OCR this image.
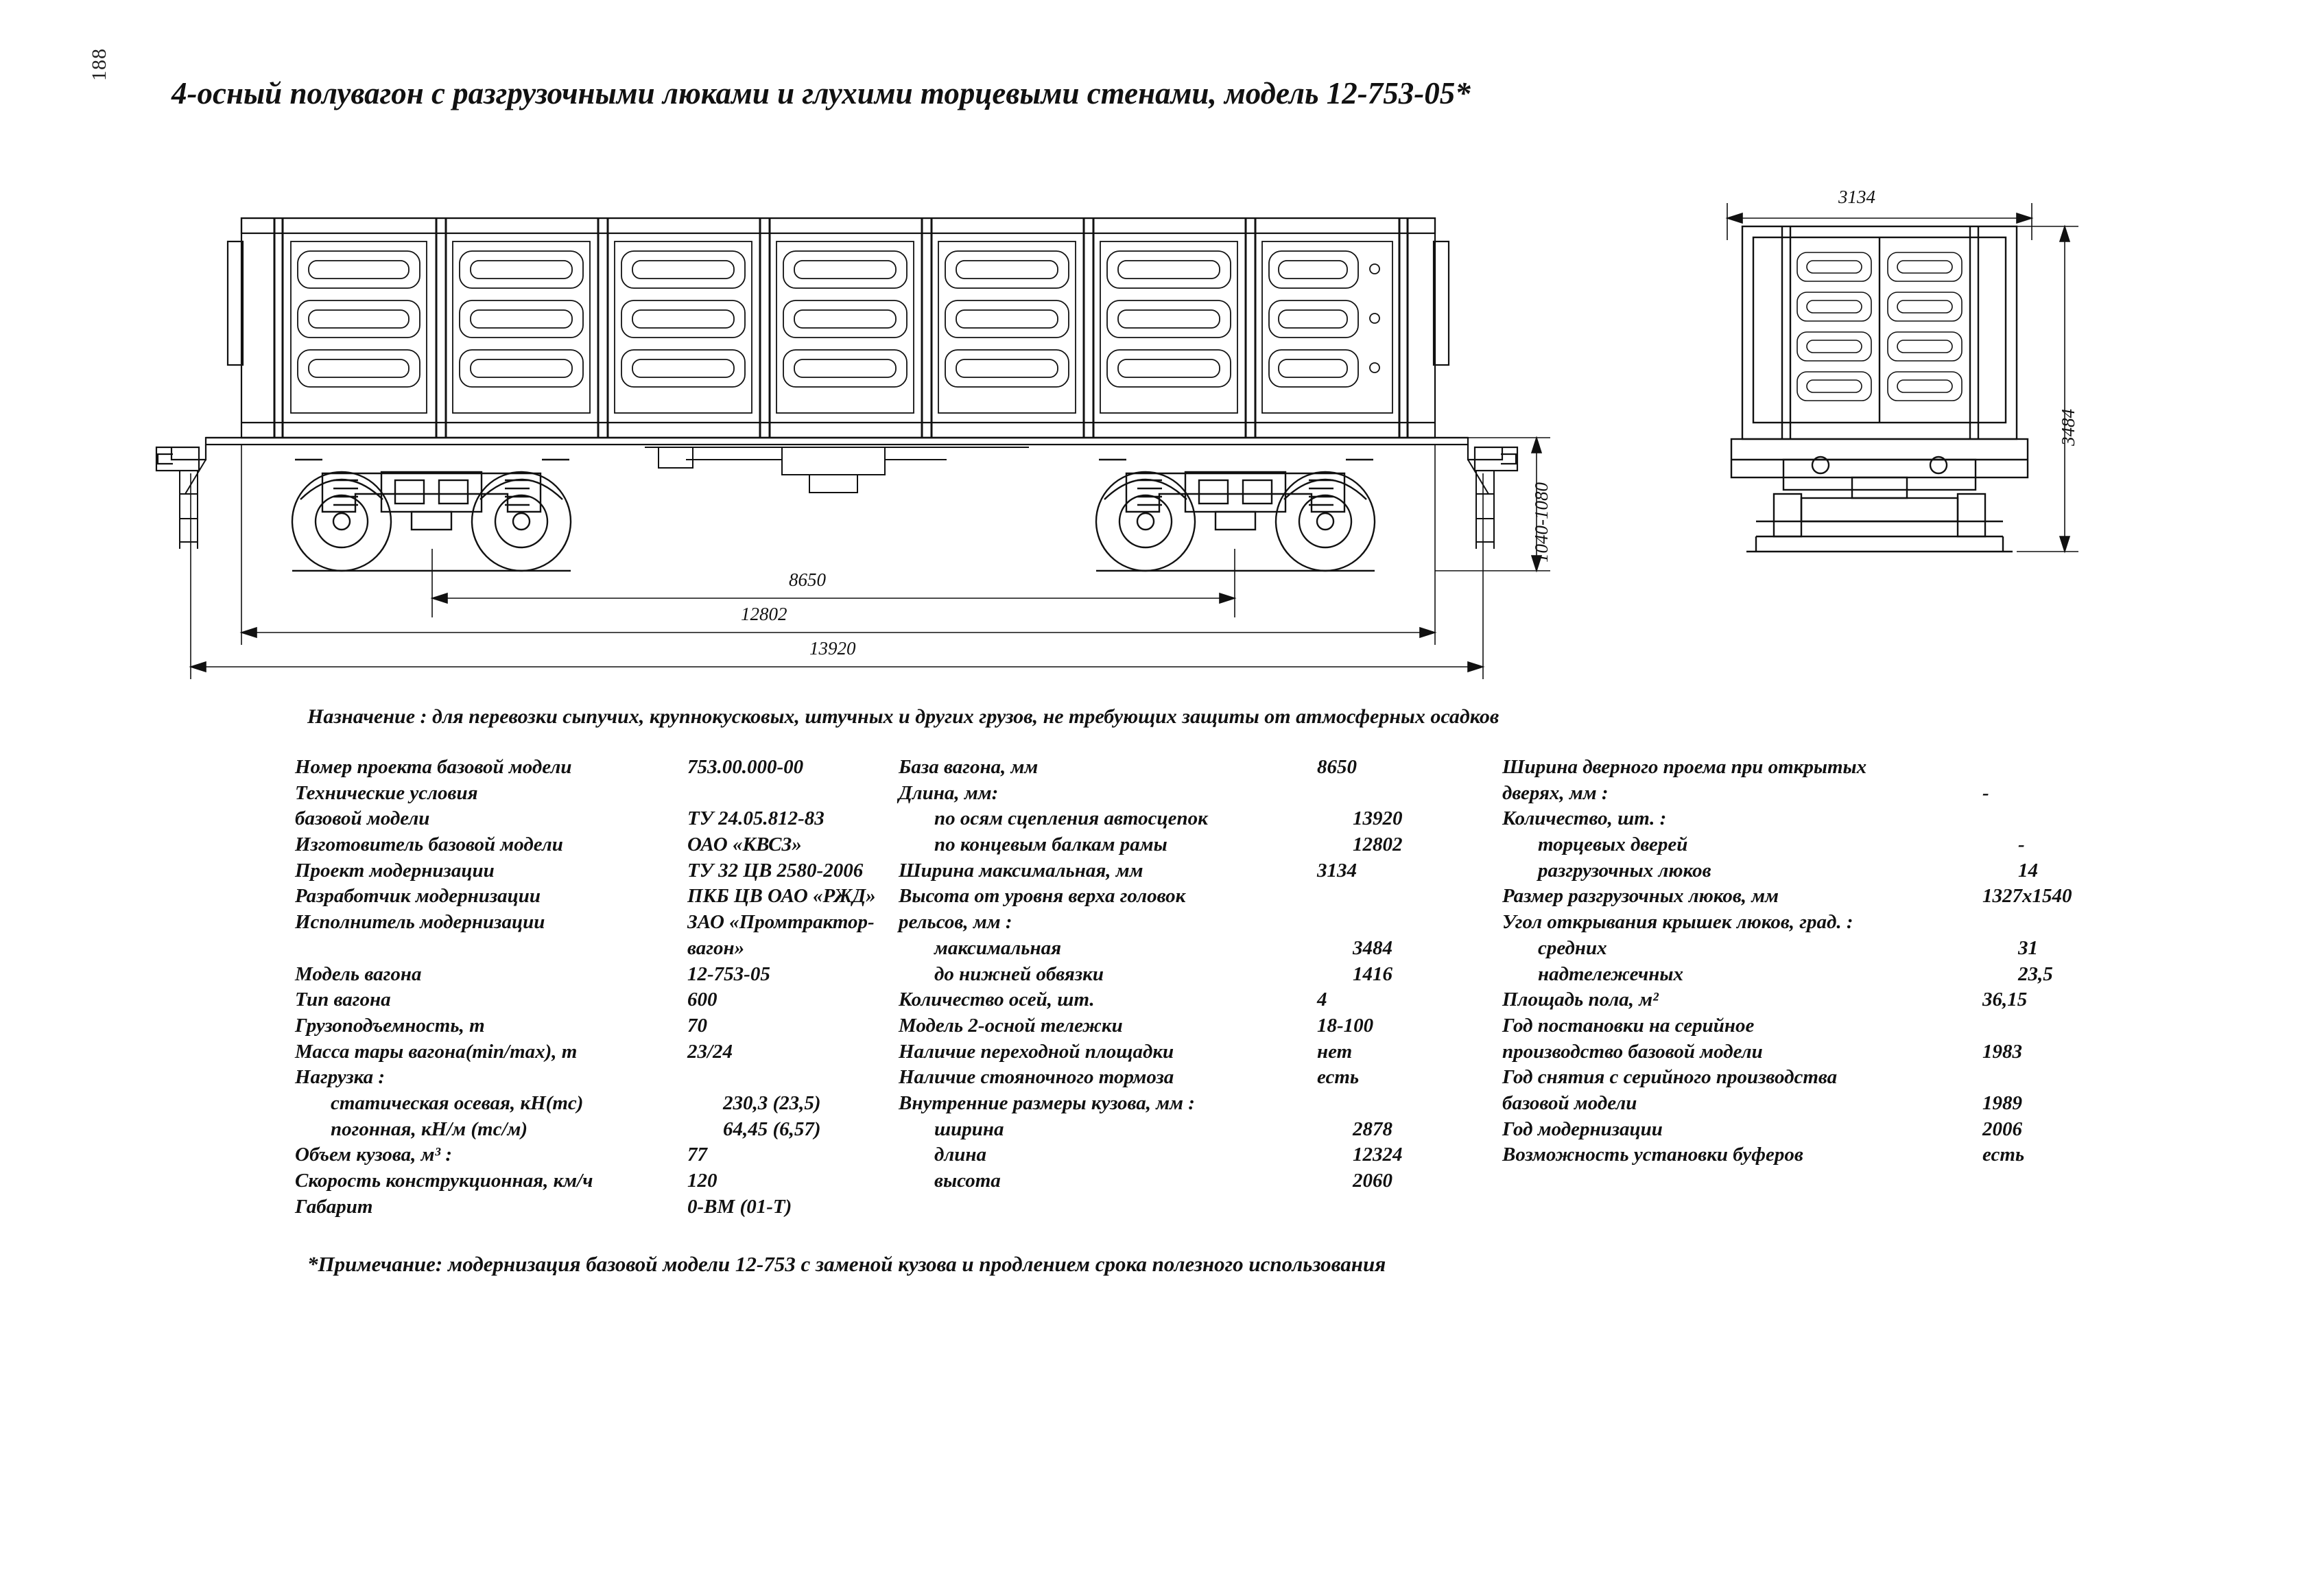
188
4-осный полувагон с разгрузочными люками и глухими торцевыми стенами, модель 12-753-05*
8650
12802
13920
1040-1080
3134
3484
Назначение : для перевозки сыпучих, крупнокусковых, штучных и других грузов, не требующих защиты от атмосферных осадков
Номер проекта базовой модели	753.00.000-00
Технические условия
базовой модели	ТУ 24.05.812-83
Изготовитель базовой модели	ОАО «КВСЗ»
Проект модернизации	ТУ 32 ЦВ 2580-2006
Разработчик модернизации	ПКБ ЦВ ОАО «РЖД»
Исполнитель модернизации	ЗАО «Промтрактор-
вагон»
Модель вагона	12-753-05
Тип вагона	600
Грузоподъемность, т	70
Масса тары вагона(min/max), т	23/24
Нагрузка :
статическая осевая, кН(тс)	230,3 (23,5)
погонная, кН/м (тс/м)	64,45 (6,57)
Объем кузова, м³ :	77
Скорость конструкционная, км/ч	120
Габарит	0-ВМ (01-Т)
База вагона, мм	8650
Длина, мм:
по осям сцепления автосцепок	13920
по концевым балкам рамы	12802
Ширина максимальная, мм	3134
Высота от уровня верха головок
рельсов, мм :
максимальная	3484
до нижней обвязки	1416
Количество осей, шт.	4
Модель 2-осной тележки	18-100
Наличие переходной площадки	нет
Наличие стояночного тормоза	есть
Внутренние размеры кузова, мм :
ширина	2878
длина	12324
высота	2060
Ширина дверного проема при открытых
дверях, мм :	-
Количество, шт. :
торцевых дверей	-
разгрузочных люков	14
Размер разгрузочных люков, мм	1327х1540
Угол открывания крышек люков, град. :
средних	31
надтележечных	23,5
Площадь пола, м²	36,15
Год постановки на серийное
производство базовой модели	1983
Год снятия с серийного производства
базовой модели	1989
Год модернизации	2006
Возможность установки буферов	есть
*Примечание: модернизация базовой модели 12-753 с заменой кузова и продлением срока полезного использования
